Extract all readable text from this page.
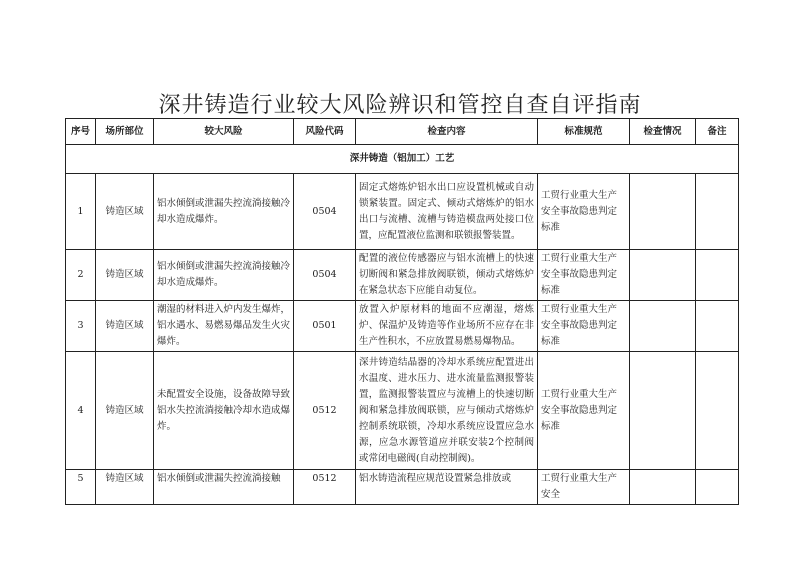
深井铸造行业较大风险辨识和管控自查自评指南
序号	场所部位	较大风险	风险代码	检查内容	标准规范	检查情况	备注
深井铸造（铝加工）工艺							
1	铸造区域	铝水倾倒或泄漏失控流淌接触冷却水造成爆炸。	0504	固定式熔炼炉铝水出口应设置机械或自动锁紧装置。固定式、倾动式熔炼炉的铝水出口与流槽、流槽与铸造模盘两处接口位置，应配置液位监测和联锁报警装置。	工贸行业重大生产安全事故隐患判定标准		
2	铸造区域	铝水倾倒或泄漏失控流淌接触冷却水造成爆炸。	0504	配置的液位传感器应与铝水流槽上的快速切断阀和紧急排放阀联锁，倾动式熔炼炉在紧急状态下应能自动复位。	工贸行业重大生产安全事故隐患判定标准		
3	铸造区域	潮湿的材料进入炉内发生爆炸，铝水遇水、易燃易爆品发生火灾爆炸。	0501	放置入炉原材料的地面不应潮湿，熔炼炉、保温炉及铸造等作业场所不应存在非生产性积水，不应放置易燃易爆物品。	工贸行业重大生产安全事故隐患判定标准		
4	铸造区域	未配置安全设施，设备故障导致铝水失控流淌接触冷却水造成爆炸。	0512	深井铸造结晶器的冷却水系统应配置进出水温度、进水压力、进水流量监测报警装置，监测报警装置应与流槽上的快速切断阀和紧急排放阀联锁，应与倾动式熔炼炉控制系统联锁，冷却水系统应设置应急水源，应急水源管道应并联安装2个控制阀或常闭电磁阀(自动控制阀)。	工贸行业重大生产安全事故隐患判定标准		
5	铸造区域	铝水倾倒或泄漏失控流淌接触	0512	铝水铸造流程应规范设置紧急排放或	工贸行业重大生产安全		
